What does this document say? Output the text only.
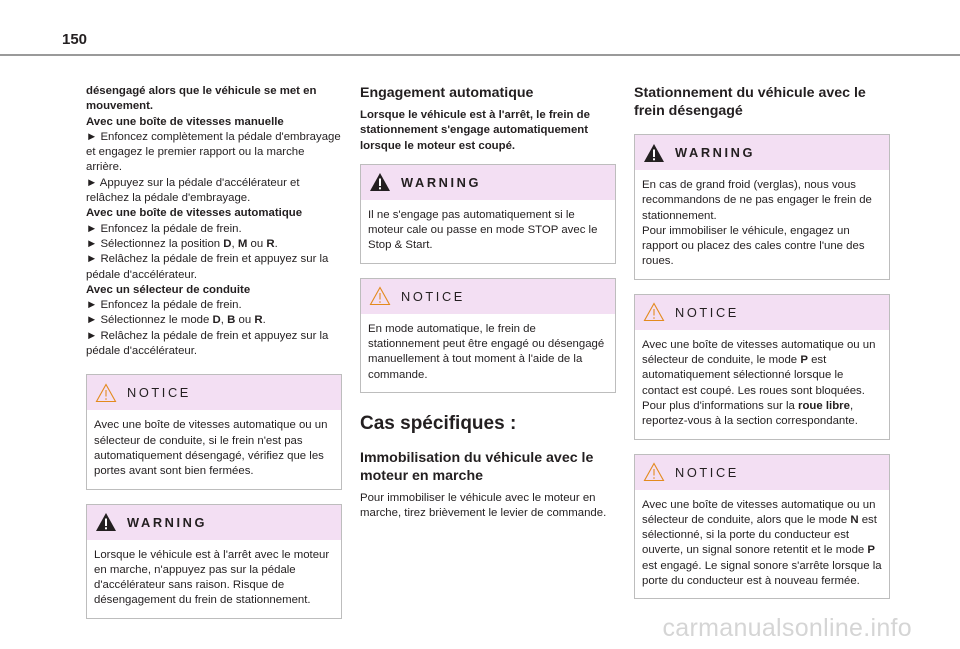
150

désengagé alors que le véhicule se met en mouvement.

Avec une boîte de vitesses manuelle

► Enfoncez complètement la pédale d'embrayage et engagez le premier rapport ou la marche arrière.

► Appuyez sur la pédale d'accélérateur et relâchez la pédale d'embrayage.

Avec une boîte de vitesses automatique

► Enfoncez la pédale de frein.

► Sélectionnez la position D, M ou R.

► Relâchez la pédale de frein et appuyez sur la pédale d'accélérateur.

Avec un sélecteur de conduite

► Enfoncez la pédale de frein.

► Sélectionnez le mode D, B ou R.

► Relâchez la pédale de frein et appuyez sur la pédale d'accélérateur.

NOTICE

Avec une boîte de vitesses automatique ou un sélecteur de conduite, si le frein n'est pas automatiquement désengagé, vérifiez que les portes avant sont bien fermées.

WARNING

Lorsque le véhicule est à l'arrêt avec le moteur en marche, n'appuyez pas sur la pédale d'accélérateur sans raison. Risque de désengagement du frein de stationnement.

Engagement automatique

Lorsque le véhicule est à l'arrêt, le frein de stationnement s'engage automatiquement lorsque le moteur est coupé.

WARNING

Il ne s'engage pas automatiquement si le moteur cale ou passe en mode STOP avec le Stop & Start.

NOTICE

En mode automatique, le frein de stationnement peut être engagé ou désengagé manuellement à tout moment à l'aide de la commande.

Cas spécifiques :
Immobilisation du véhicule avec le moteur en marche

Pour immobiliser le véhicule avec le moteur en marche, tirez brièvement le levier de commande.

Stationnement du véhicule avec le frein désengagé
WARNING

En cas de grand froid (verglas), nous vous recommandons de ne pas engager le frein de stationnement.

Pour immobiliser le véhicule, engagez un rapport ou placez des cales contre l'une des roues.

NOTICE

Avec une boîte de vitesses automatique ou un sélecteur de conduite, le mode P est automatiquement sélectionné lorsque le contact est coupé. Les roues sont bloquées. Pour plus d'informations sur la roue libre, reportez-vous à la section correspondante.

NOTICE

Avec une boîte de vitesses automatique ou un sélecteur de conduite, alors que le mode N est sélectionné, si la porte du conducteur est ouverte, un signal sonore retentit et le mode P est engagé. Le signal sonore s'arrête lorsque la porte du conducteur est à nouveau fermée.

carmanualsonline.info
